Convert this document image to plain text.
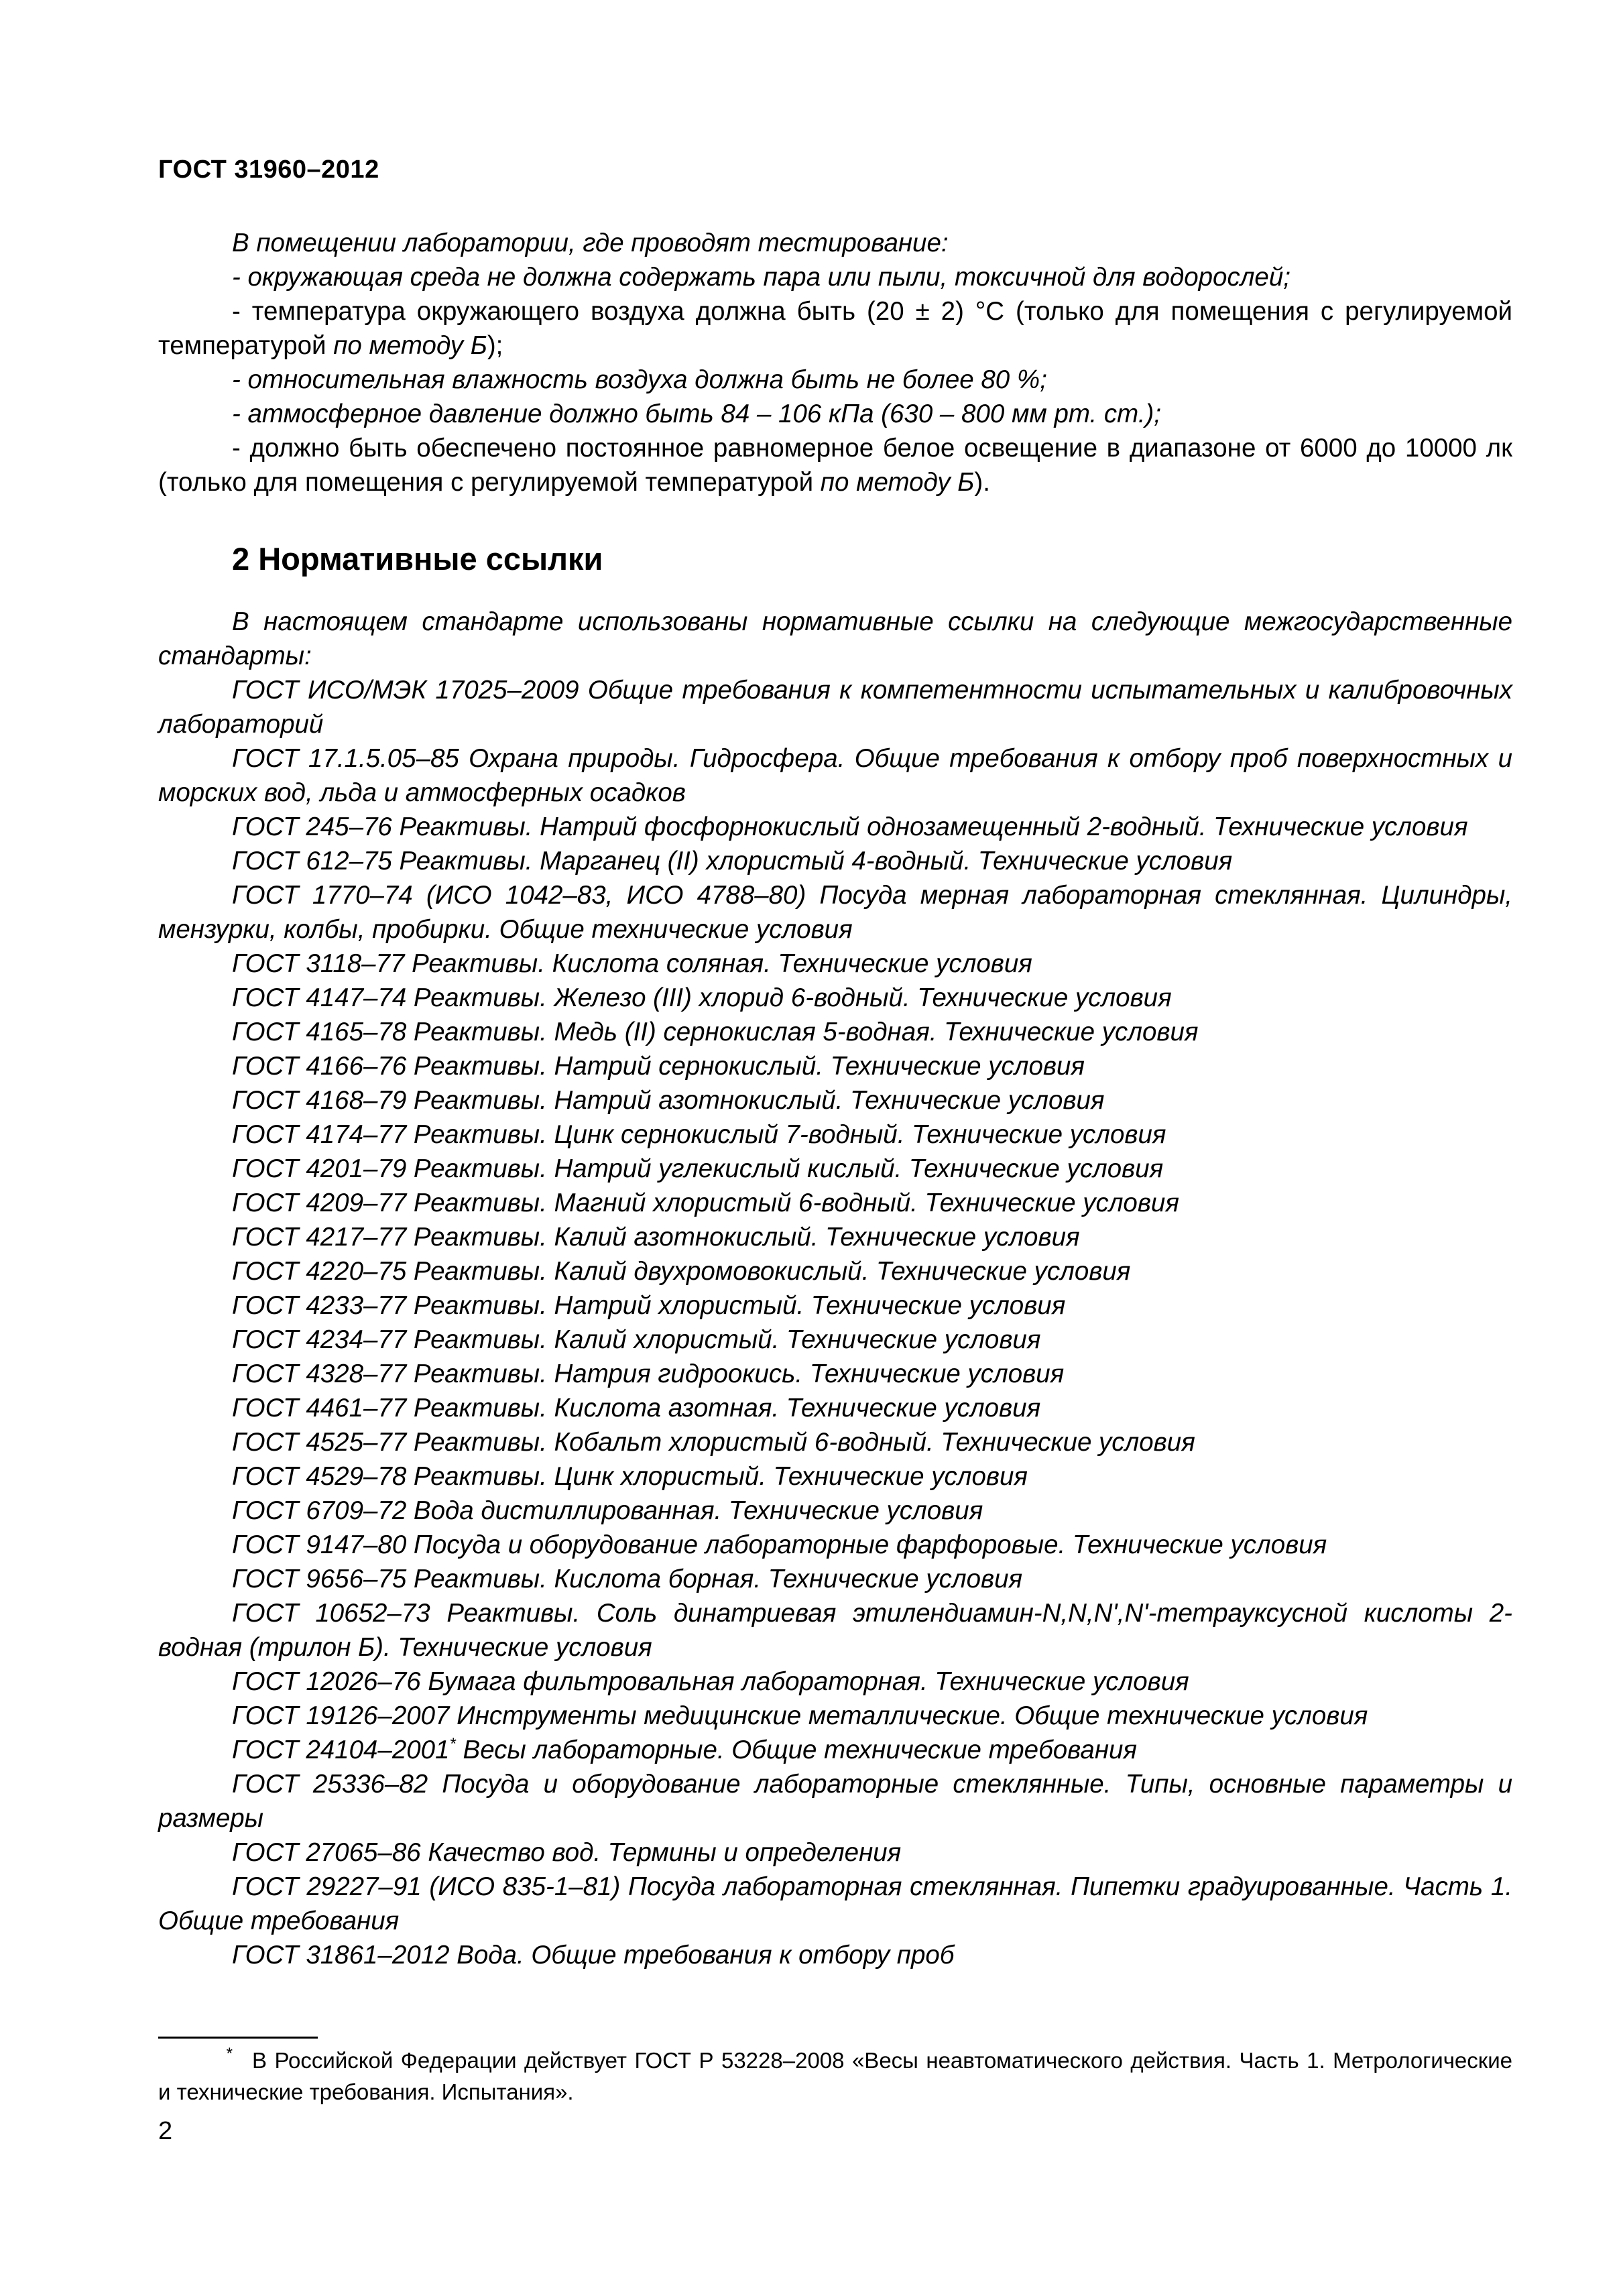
ГОСТ 31960–2012

В помещении лаборатории, где проводят тестирование:

- окружающая среда не должна содержать пара или пыли, токсичной для водорослей;

- температура окружающего воздуха должна быть (20 ± 2) °С (только для помещения с регулируемой температурой по методу Б);

- относительная влажность воздуха должна быть не более 80 %;

- атмосферное давление должно быть 84 – 106 кПа (630 – 800 мм рт. ст.);

- должно быть обеспечено постоянное равномерное белое освещение в диапазоне от 6000 до 10000 лк (только для помещения с регулируемой температурой по методу Б).

2 Нормативные ссылки

В настоящем стандарте использованы нормативные ссылки на следующие межгосударственные стандарты:

ГОСТ ИСО/МЭК 17025–2009 Общие требования к компетентности испытательных и калибровочных лабораторий

ГОСТ 17.1.5.05–85 Охрана природы. Гидросфера. Общие требования к отбору проб поверхностных и морских вод, льда и атмосферных осадков

ГОСТ 245–76 Реактивы. Натрий фосфорнокислый однозамещенный 2-водный. Технические условия

ГОСТ 612–75 Реактивы. Марганец (II) хлористый 4-водный. Технические условия

ГОСТ 1770–74 (ИСО 1042–83, ИСО 4788–80) Посуда мерная лабораторная стеклянная. Цилиндры, мензурки, колбы, пробирки. Общие технические условия

ГОСТ 3118–77 Реактивы. Кислота соляная. Технические условия

ГОСТ 4147–74 Реактивы. Железо (III) хлорид 6-водный. Технические условия

ГОСТ 4165–78 Реактивы. Медь (II) сернокислая 5-водная. Технические условия

ГОСТ 4166–76 Реактивы. Натрий сернокислый. Технические условия

ГОСТ 4168–79 Реактивы. Натрий азотнокислый. Технические условия

ГОСТ 4174–77 Реактивы. Цинк сернокислый 7-водный. Технические условия

ГОСТ 4201–79 Реактивы. Натрий углекислый кислый. Технические условия

ГОСТ 4209–77 Реактивы. Магний хлористый 6-водный. Технические условия

ГОСТ 4217–77 Реактивы. Калий азотнокислый. Технические условия

ГОСТ 4220–75 Реактивы. Калий двухромовокислый. Технические условия

ГОСТ 4233–77 Реактивы. Натрий хлористый. Технические условия

ГОСТ 4234–77 Реактивы. Калий хлористый. Технические условия

ГОСТ 4328–77 Реактивы. Натрия гидроокись. Технические условия

ГОСТ 4461–77 Реактивы. Кислота азотная. Технические условия

ГОСТ 4525–77 Реактивы. Кобальт хлористый 6-водный. Технические условия

ГОСТ 4529–78 Реактивы. Цинк хлористый. Технические условия

ГОСТ 6709–72 Вода дистиллированная. Технические условия

ГОСТ 9147–80 Посуда и оборудование лабораторные фарфоровые. Технические условия

ГОСТ 9656–75 Реактивы. Кислота борная. Технические условия

ГОСТ 10652–73 Реактивы. Соль динатриевая этилендиамин-N,N,N',N'-тетрауксусной кислоты 2-водная (трилон Б). Технические условия

ГОСТ 12026–76 Бумага фильтровальная лабораторная. Технические условия

ГОСТ 19126–2007 Инструменты медицинские металлические. Общие технические условия

ГОСТ 24104–2001* Весы лабораторные. Общие технические требования

ГОСТ 25336–82 Посуда и оборудование лабораторные стеклянные. Типы, основные параметры и размеры

ГОСТ 27065–86 Качество вод. Термины и определения

ГОСТ 29227–91 (ИСО 835-1–81) Посуда лабораторная стеклянная. Пипетки градуированные. Часть 1. Общие требования

ГОСТ 31861–2012 Вода. Общие требования к отбору проб

* В Российской Федерации действует ГОСТ Р 53228–2008 «Весы неавтоматического действия. Часть 1. Метрологические и технические требования. Испытания».
2
